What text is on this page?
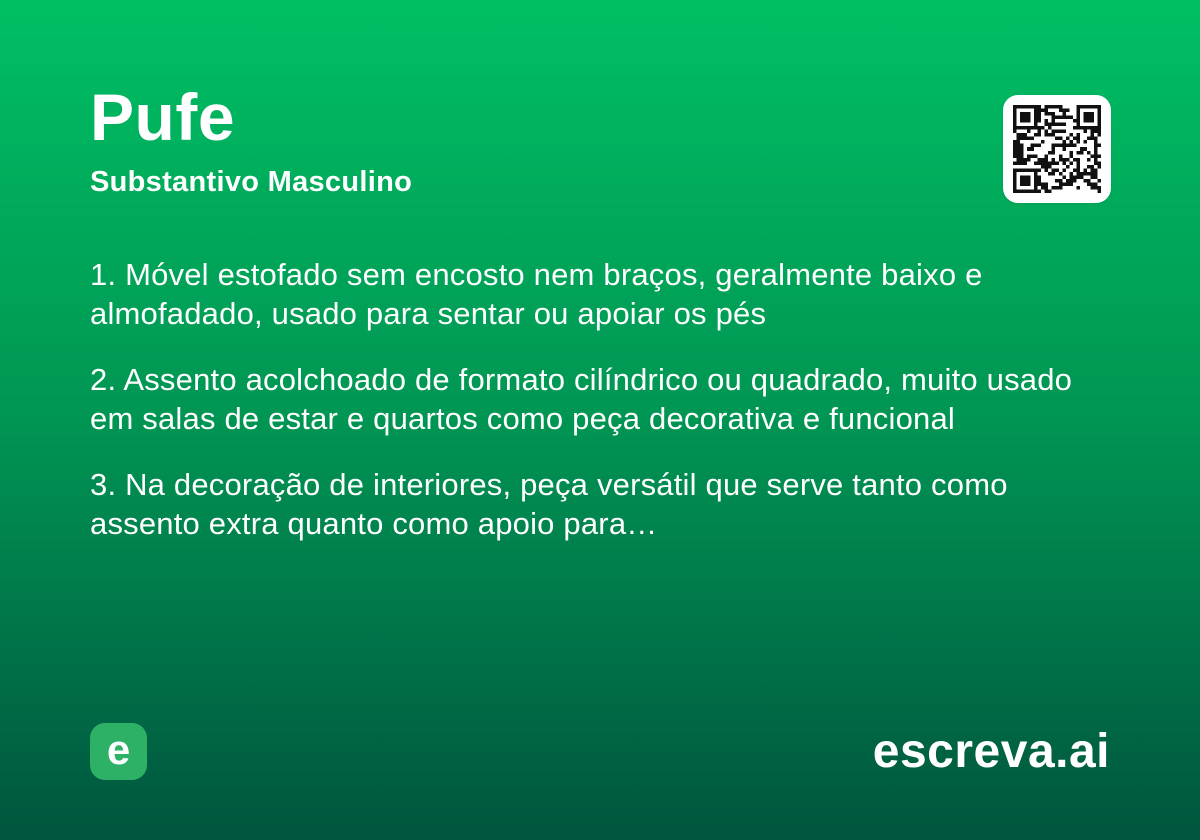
Pufe
Substantivo Masculino

1. Móvel estofado sem encosto nem braços, geralmente baixo e almofadado, usado para sentar ou apoiar os pés

2. Assento acolchoado de formato cilíndrico ou quadrado, muito usado em salas de estar e quartos como peça decorativa e funcional

3. Na decoração de interiores, peça versátil que serve tanto como assento extra quanto como apoio para…

e	escreva.ai
